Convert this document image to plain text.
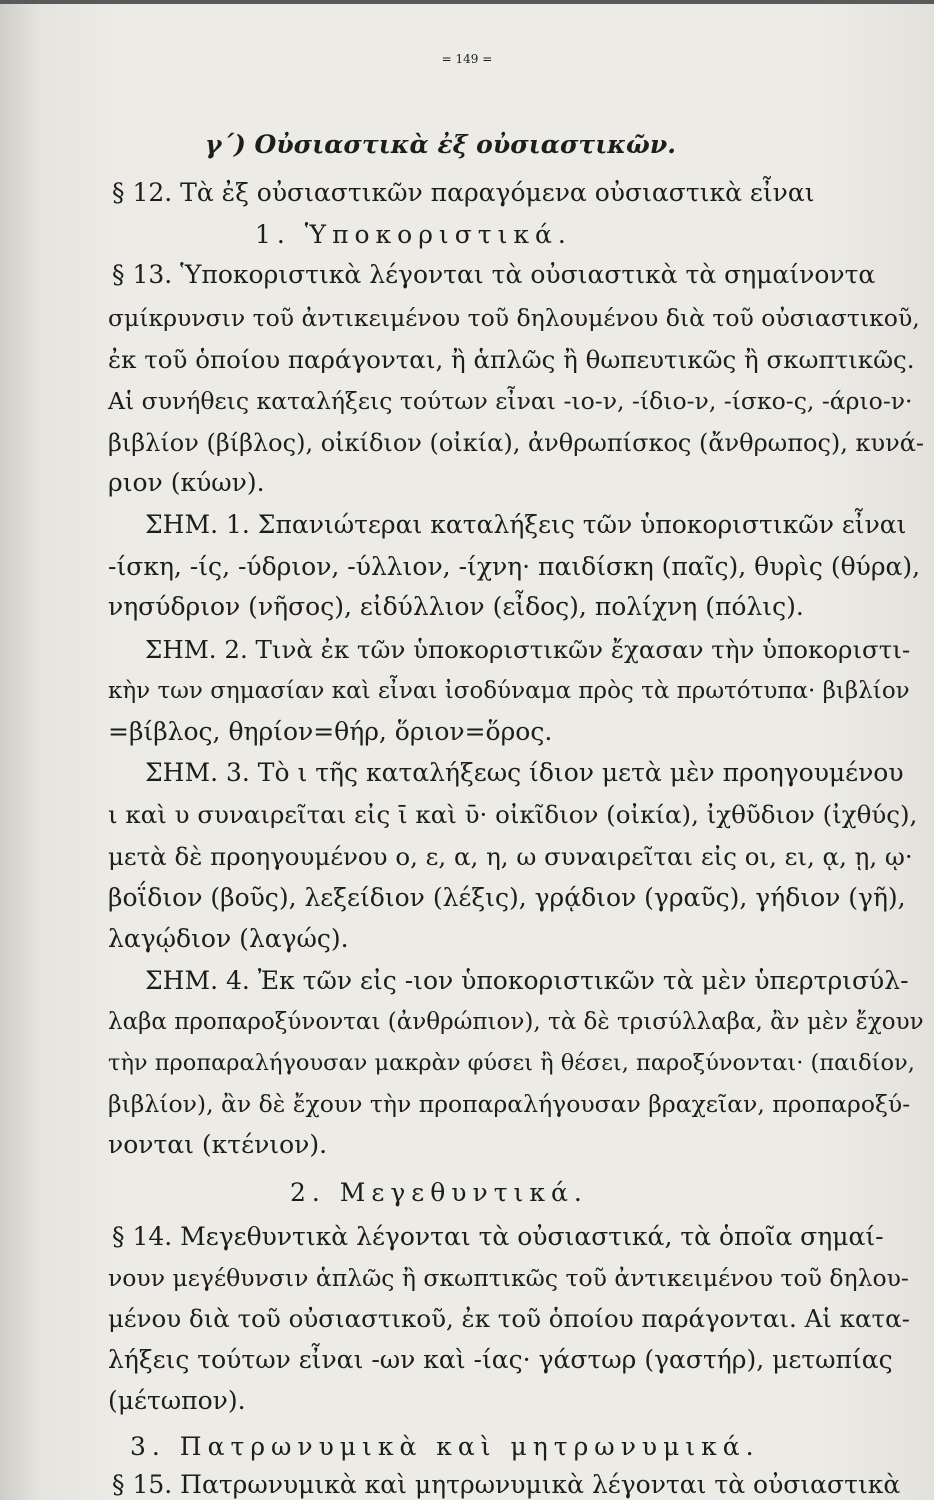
= 149 =
γ΄) Οὐσιαστικὰ ἐξ οὐσιαστικῶν.
§ 12. Τὰ ἐξ οὐσιαστικῶν παραγόμενα οὐσιαστικὰ εἶναι
1. Ὑποκοριστικά.
§ 13. Ὑποκοριστικὰ λέγονται τὰ οὐσιαστικὰ τὰ σημαίνοντα
σμίκρυνσιν τοῦ ἀντικειμένου τοῦ δηλουμένου διὰ τοῦ οὐσιαστικοῦ,
ἐκ τοῦ ὁποίου παράγονται, ἢ ἁπλῶς ἢ θωπευτικῶς ἢ σκωπτικῶς.
Αἱ συνήθεις καταλήξεις τούτων εἶναι -ιο-ν, -ίδιο-ν, -ίσκο-ς, -άριο-ν·
βιβλίον (βίβλος), οἰκίδιον (οἰκία), ἀνθρωπίσκος (ἄνθρωπος), κυνά-
ριον (κύων).
ΣΗΜ. 1. Σπανιώτεραι καταλήξεις τῶν ὑποκοριστικῶν εἶναι
-ίσκη, -ίς, -ύδριον, -ύλλιον, -ίχνη· παιδίσκη (παῖς), θυρὶς (θύρα),
νησύδριον (νῆσος), εἰδύλλιον (εἶδος), πολίχνη (πόλις).
ΣΗΜ. 2. Τινὰ ἐκ τῶν ὑποκοριστικῶν ἔχασαν τὴν ὑποκοριστι-
κὴν των σημασίαν καὶ εἶναι ἰσοδύναμα πρὸς τὰ πρωτότυπα· βιβλίον
=βίβλος, θηρίον=θήρ, ὅριον=ὅρος.
ΣΗΜ. 3. Τὸ ι τῆς καταλήξεως ίδιον μετὰ μὲν προηγουμένου
ι καὶ υ συναιρεῖται εἰς ῑ καὶ ῡ· οἰκῖδιον (οἰκία), ἰχθῦδιον (ἰχθύς),
μετὰ δὲ προηγουμένου ο, ε, α, η, ω συναιρεῖται εἰς οι, ει, ᾳ, ῃ, ῳ·
βοΐδιον (βοῦς), λεξείδιον (λέξις), γρᾴδιον (γραῦς), γήδιον (γῆ),
λαγῴδιον (λαγώς).
ΣΗΜ. 4. Ἐκ τῶν εἰς -ιον ὑποκοριστικῶν τὰ μὲν ὑπερτρισύλ-
λαβα προπαροξύνονται (ἀνθρώπιον), τὰ δὲ τρισύλλαβα, ἂν μὲν ἔχουν
τὴν προπαραλήγουσαν μακρὰν φύσει ἢ θέσει, παροξύνονται· (παιδίον,
βιβλίον), ἂν δὲ ἔχουν τὴν προπαραλήγουσαν βραχεῖαν, προπαροξύ-
νονται (κτένιον).
2. Μεγεθυντικά.
§ 14. Μεγεθυντικὰ λέγονται τὰ οὐσιαστικά, τὰ ὁποῖα σημαί-
νουν μεγέθυνσιν ἁπλῶς ἢ σκωπτικῶς τοῦ ἀντικειμένου τοῦ δηλου-
μένου διὰ τοῦ οὐσιαστικοῦ, ἐκ τοῦ ὁποίου παράγονται. Αἱ κατα-
λήξεις τούτων εἶναι -ων καὶ -ίας· γάστωρ (γαστήρ), μετωπίας
(μέτωπον).
3. Πατρωνυμικὰ καὶ μητρωνυμικά.
§ 15. Πατρωνυμικὰ καὶ μητρωνυμικὰ λέγονται τὰ οὐσιαστικὰ
